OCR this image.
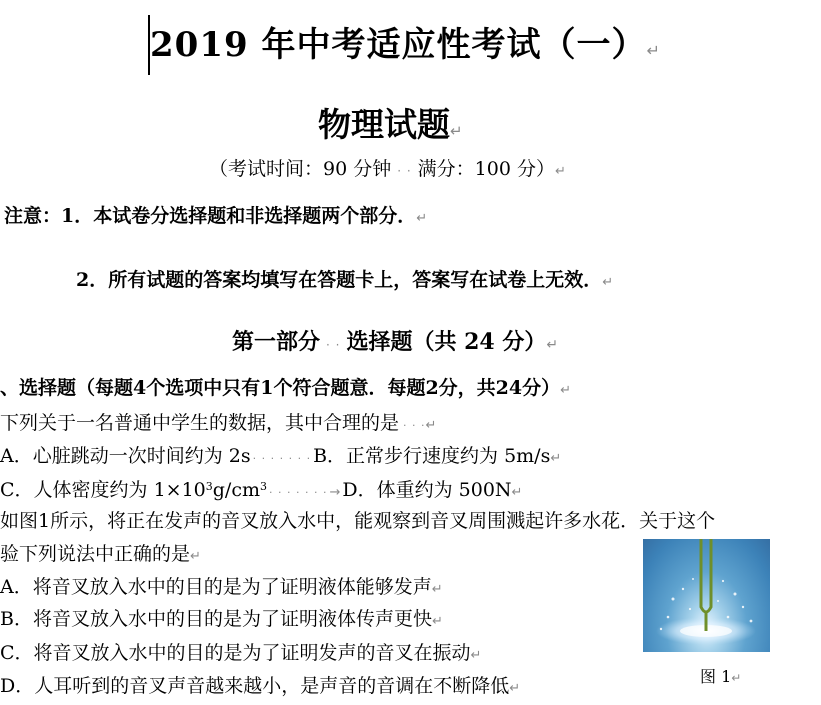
2019 年中考适应性考试（一）↵
物理试题↵
（考试时间：90 分钟 · · 满分：100 分）↵
注意：1．本试卷分选择题和非选择题两个部分．↵
2．所有试题的答案均填写在答题卡上，答案写在试卷上无效．↵
第一部分 · · 选择题（共 24 分）↵
、选择题（每题4个选项中只有1个符合题意．每题2分，共24分）↵
下列关于一名普通中学生的数据，其中合理的是 · · ·↵
A．心脏跳动一次时间约为 2s · · · · · · · B．正常步行速度约为 5m/s↵
C．人体密度约为 $1\times 10^3g/cm^3$ · · · · · · · → D．体重约为 500N↵
如图1所示，将正在发声的音叉放入水中，能观察到音叉周围溅起许多水花．关于这个
验下列说法中正确的是↵
A．将音叉放入水中的目的是为了证明液体能够发声↵
B．将音叉放入水中的目的是为了证明液体传声更快↵
C．将音叉放入水中的目的是为了证明发声的音叉在振动↵
D．人耳听到的音叉声音越来越小，是声音的音调在不断降低↵
图 1↵
